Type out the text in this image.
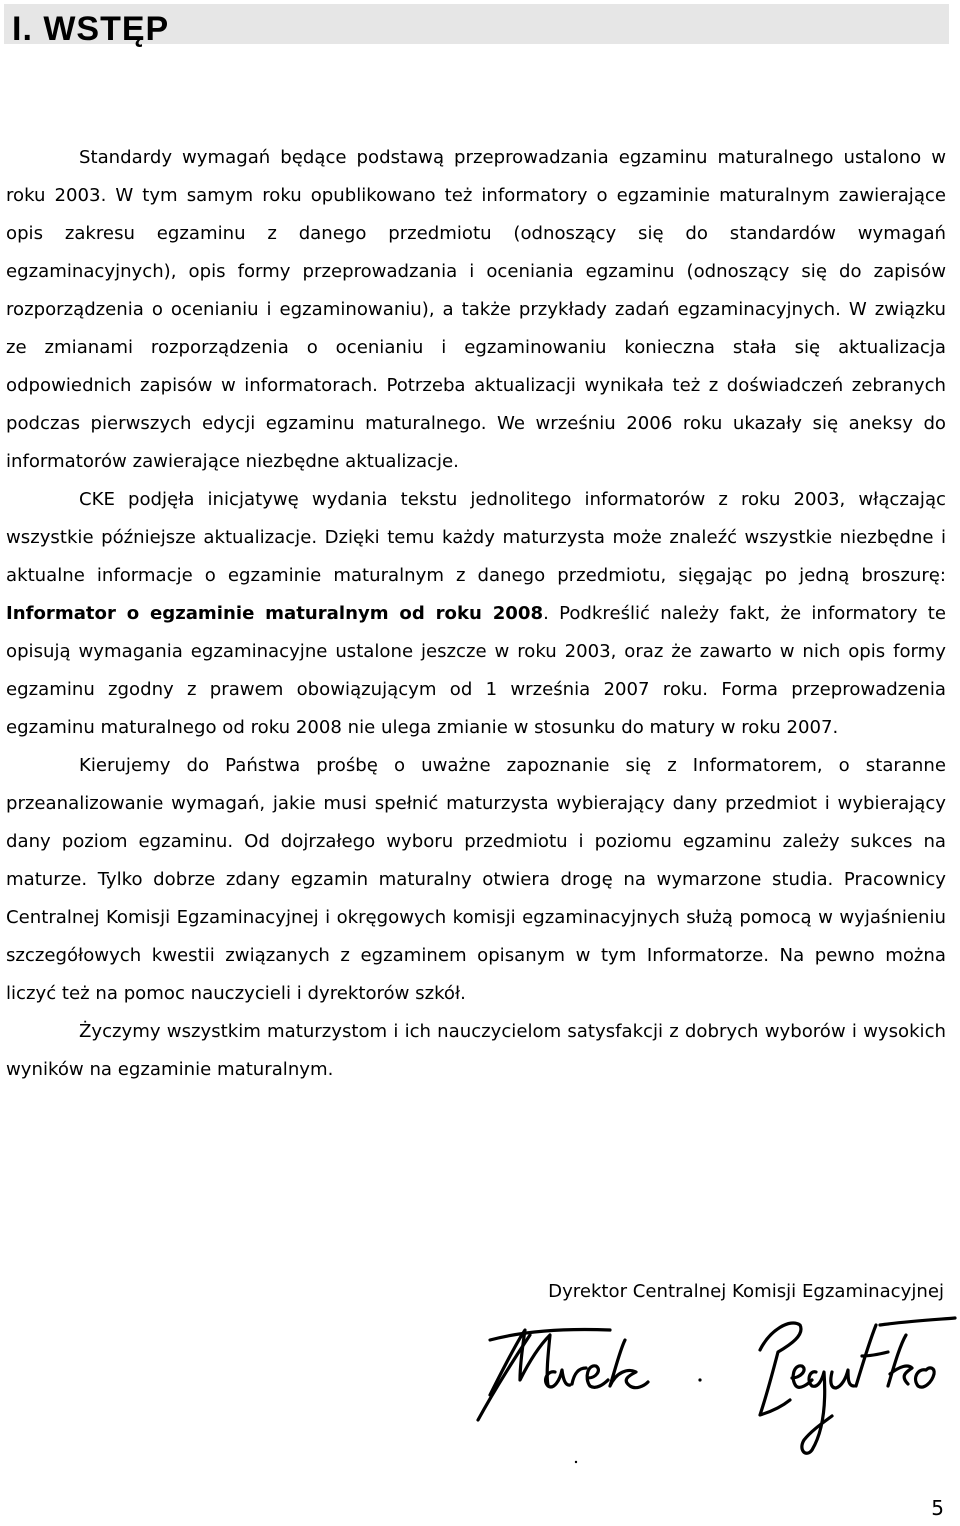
I. WSTĘP

Standardy wymagań będące podstawą przeprowadzania egzaminu maturalnego ustalono w roku 2003. W tym samym roku opublikowano też informatory o egzaminie maturalnym zawierające opis zakresu egzaminu z danego przedmiotu (odnoszący się do standardów wymagań egzaminacyjnych), opis formy przeprowadzania i oceniania egzaminu (odnoszący się do zapisów rozporządzenia o ocenianiu i egzaminowaniu), a także przykłady zadań egzaminacyjnych. W związku ze zmianami rozporządzenia o ocenianiu i egzaminowaniu konieczna stała się aktualizacja odpowiednich zapisów w informatorach. Potrzeba aktualizacji wynikała też z doświadczeń zebranych podczas pierwszych edycji egzaminu maturalnego. We wrześniu 2006 roku ukazały się aneksy do informatorów zawierające niezbędne aktualizacje.

CKE podjęła inicjatywę wydania tekstu jednolitego informatorów z roku 2003, włączając wszystkie późniejsze aktualizacje. Dzięki temu każdy maturzysta może znaleźć wszystkie niezbędne i aktualne informacje o egzaminie maturalnym z danego przedmiotu, sięgając po jedną broszurę: Informator o egzaminie maturalnym od roku 2008. Podkreślić należy fakt, że informatory te opisują wymagania egzaminacyjne ustalone jeszcze w roku 2003, oraz że zawarto w nich opis formy egzaminu zgodny z prawem obowiązującym od 1 września 2007 roku. Forma przeprowadzenia egzaminu maturalnego od roku 2008 nie ulega zmianie w stosunku do matury w roku 2007.

Kierujemy do Państwa prośbę o uważne zapoznanie się z Informatorem, o staranne przeanalizowanie wymagań, jakie musi spełnić maturzysta wybierający dany przedmiot i wybierający dany poziom egzaminu. Od dojrzałego wyboru przedmiotu i poziomu egzaminu zależy sukces na maturze. Tylko dobrze zdany egzamin maturalny otwiera drogę na wymarzone studia. Pracownicy Centralnej Komisji Egzaminacyjnej i okręgowych komisji egzaminacyjnych służą pomocą w wyjaśnieniu szczegółowych kwestii związanych z egzaminem opisanym w tym Informatorze. Na pewno można liczyć też na pomoc nauczycieli i dyrektorów szkół.

Życzymy wszystkim maturzystom i ich nauczycielom satysfakcji z dobrych wyborów i wysokich wyników na egzaminie maturalnym.

Dyrektor Centralnej Komisji Egzaminacyjnej
5
